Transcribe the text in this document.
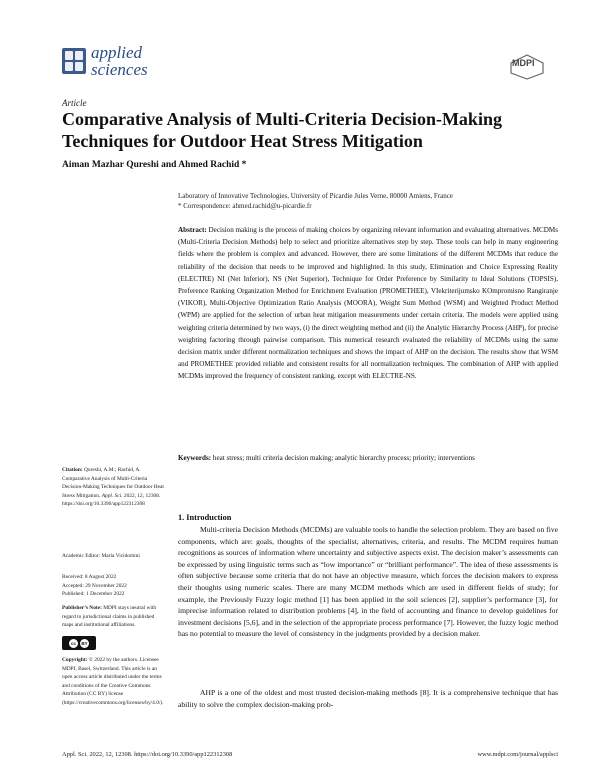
applied
sciences	MDPI
Article
Comparative Analysis of Multi-Criteria Decision-Making Techniques for Outdoor Heat Stress Mitigation
Aiman Mazhar Qureshi and Ahmed Rachid *
Laboratory of Innovative Technologies, University of Picardie Jules Verne, 80000 Amiens, France
* Correspondence: ahmed.rachid@u-picardie.fr
Abstract: Decision making is the process of making choices by organizing relevant information and evaluating alternatives. MCDMs (Multi-Criteria Decision Methods) help to select and prioritize alternatives step by step. These tools can help in many engineering fields where the problem is complex and advanced. However, there are some limitations of the different MCDMs that reduce the reliability of the decision that needs to be improved and highlighted. In this study, Elimination and Choice Expressing Reality (ELECTRE) NI (Net Inferior), NS (Net Superior), Technique for Order Preference by Similarity to Ideal Solutions (TOPSIS), Preference Ranking Organization Method for Enrichment Evaluation (PROMETHEE), VIekriterijumsko KOmpromisno Rangiranje (VIKOR), Multi-Objective Optimization Ratio Analysis (MOORA), Weight Sum Method (WSM) and Weighted Product Method (WPM) are applied for the selection of urban heat mitigation measurements under certain criteria. The models were applied using weighting criteria determined by two ways, (i) the direct weighting method and (ii) the Analytic Hierarchy Process (AHP), for precise weighting factoring through pairwise comparison. This numerical research evaluated the reliability of MCDMs using the same decision matrix under different normalization techniques and shows the impact of AHP on the decision. The results show that WSM and PROMETHEE provided reliable and consistent results for all normalization techniques. The combination of AHP with applied MCDMs improved the frequency of consistent ranking, except with ELECTRE-NS.
Keywords: heat stress; multi criteria decision making; analytic hierarchy process; priority; interventions
Citation: Qureshi, A.M.; Rachid, A. Comparative Analysis of Multi-Criteria Decision-Making Techniques for Outdoor Heat Stress Mitigation. Appl. Sci. 2022, 12, 12308. https://doi.org/10.3390/app122312308
Academic Editor: Maria Vicidomini
Received: 8 August 2022
Accepted: 29 November 2022
Published: 1 December 2022
Publisher’s Note: MDPI stays neutral with regard to jurisdictional claims in published maps and institutional affiliations.
cc	BY
Copyright: © 2022 by the authors. Licensee MDPI, Basel, Switzerland. This article is an open access article distributed under the terms and conditions of the Creative Commons Attribution (CC BY) license (https://creativecommons.org/licenses/by/4.0/).
1. Introduction
Multi-criteria Decision Methods (MCDMs) are valuable tools to handle the selection problem. They are based on five components, which are: goals, thoughts of the specialist, alternatives, criteria, and results. The MCDM requires human recognitions as sources of information where uncertainty and subjective aspects exist. The decision maker’s assessments can be expressed by using linguistic terms such as “low importance” or “brilliant performance”. The idea of these assessments is often subjective because some criteria that do not have an objective measure, which forces the decision makers to express their thoughts using numeric scales. There are many MCDM methods which are used in different fields of study; for example, the Previously Fuzzy logic method [1] has been applied in the soil sciences [2], supplier’s performance [3], for imprecise information related to distribution problems [4], in the field of accounting and finance to develop guidelines for investment decisions [5,6], and in the selection of the appropriate process performance [7]. However, the fuzzy logic method has no potential to measure the level of consistency in the judgments provided by a decision maker.
AHP is a one of the oldest and most trusted decision-making methods [8]. It is a comprehensive technique that has ability to solve the complex decision-making prob-
Appl. Sci. 2022, 12, 12308. https://doi.org/10.3390/app122312308	www.mdpi.com/journal/applsci
